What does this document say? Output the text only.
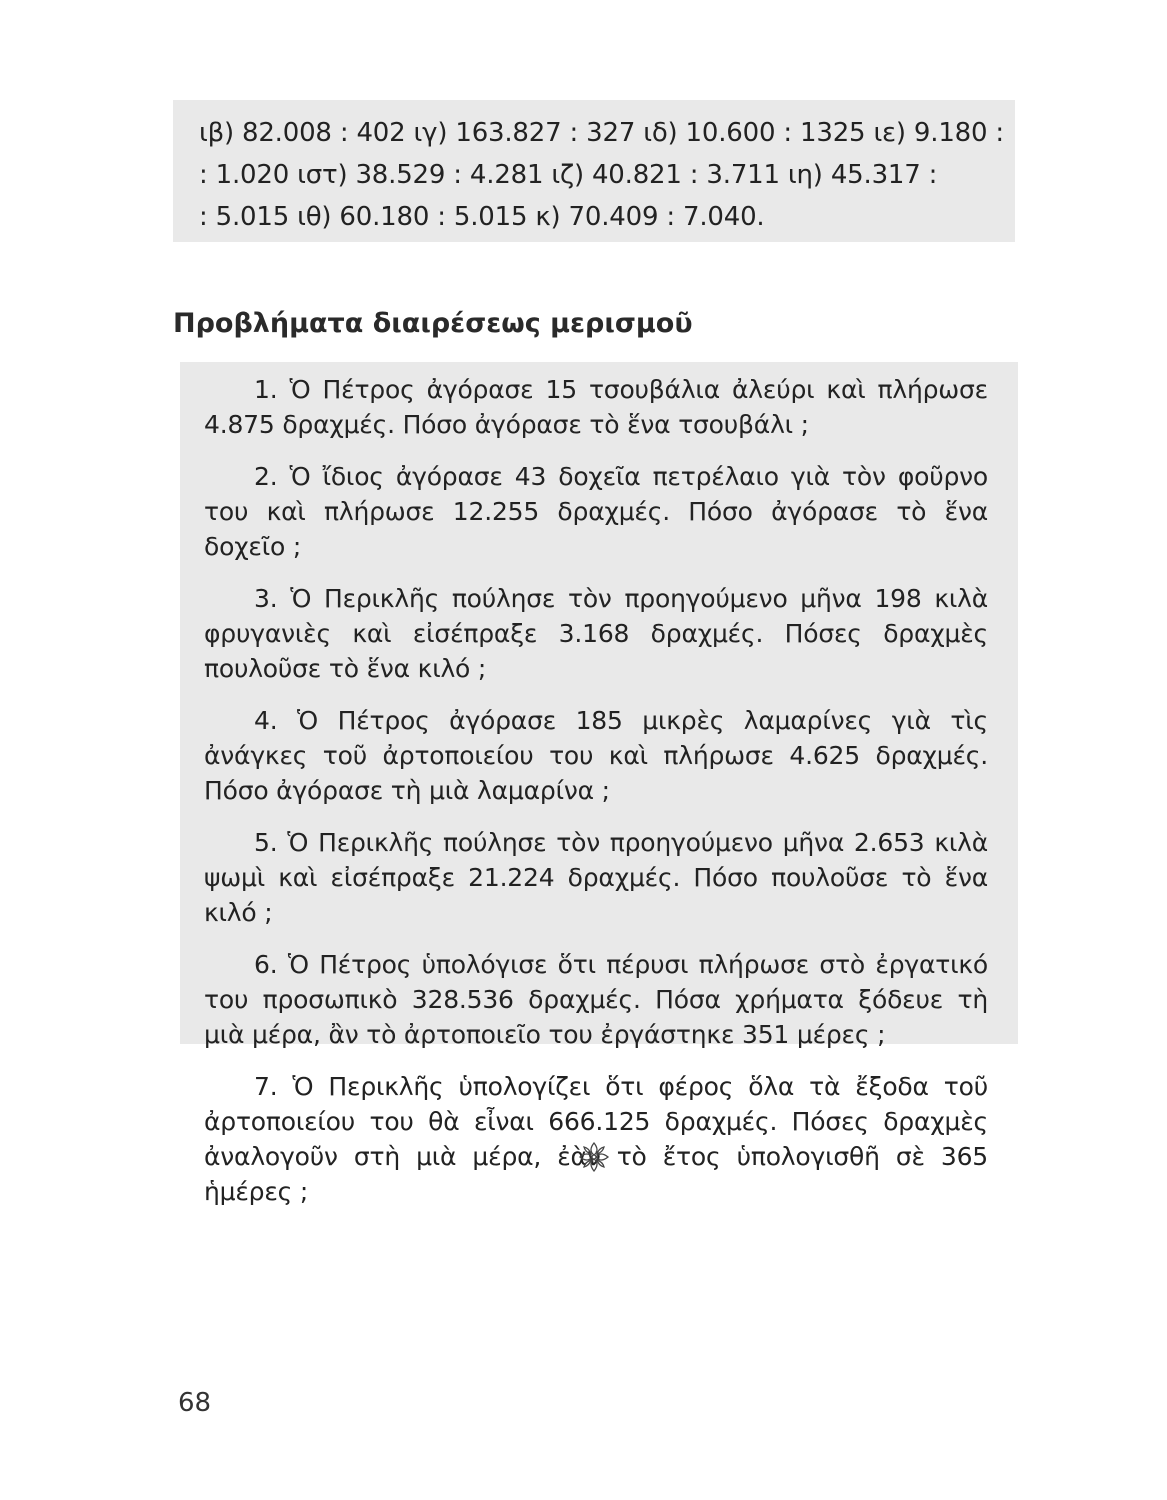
ιβ) 82.008 : 402 ιγ) 163.827 : 327 ιδ) 10.600 : 1325 ιε) 9.180 :
: 1.020 ιστ) 38.529 : 4.281 ιζ) 40.821 : 3.711 ιη) 45.317 :
: 5.015 ιθ) 60.180 : 5.015 κ) 70.409 : 7.040.
Προβλήματα διαιρέσεως μερισμοῦ
1. Ὁ Πέτρος ἀγόρασε 15 τσουβάλια ἀλεύρι καὶ πλήρωσε 4.875 δραχμές. Πόσο ἀγόρασε τὸ ἕνα τσουβάλι ;
2. Ὁ ἴδιος ἀγόρασε 43 δοχεῖα πετρέλαιο γιὰ τὸν φοῦρνο του καὶ πλήρωσε 12.255 δραχμές. Πόσο ἀγόρασε τὸ ἕνα δοχεῖο ;
3. Ὁ Περικλῆς πούλησε τὸν προηγούμενο μῆνα 198 κιλὰ φρυγανιὲς καὶ εἰσέπραξε 3.168 δραχμές. Πόσες δραχμὲς πουλοῦσε τὸ ἕνα κιλό ;
4. Ὁ Πέτρος ἀγόρασε 185 μικρὲς λαμαρίνες γιὰ τὶς ἀνάγκες τοῦ ἀρτοποιείου του καὶ πλήρωσε 4.625 δραχμές. Πόσο ἀγόρασε τὴ μιὰ λαμαρίνα ;
5. Ὁ Περικλῆς πούλησε τὸν προηγούμενο μῆνα 2.653 κιλὰ ψωμὶ καὶ εἰσέπραξε 21.224 δραχμές. Πόσο πουλοῦσε τὸ ἕνα κιλό ;
6. Ὁ Πέτρος ὑπολόγισε ὅτι πέρυσι πλήρωσε στὸ ἐργατικό του προσωπικὸ 328.536 δραχμές. Πόσα χρήματα ξόδευε τὴ μιὰ μέρα, ἂν τὸ ἀρτοποιεῖο του ἐργάστηκε 351 μέρες ;
7. Ὁ Περικλῆς ὑπολογίζει ὅτι φέρος ὅλα τὰ ἔξοδα τοῦ ἀρτοποιείου του θὰ εἶναι 666.125 δραχμές. Πόσες δραχμὲς ἀναλογοῦν στὴ μιὰ μέρα, ἐὰν τὸ ἔτος ὑπολογισθῆ σὲ 365 ἡμέρες ;
68
